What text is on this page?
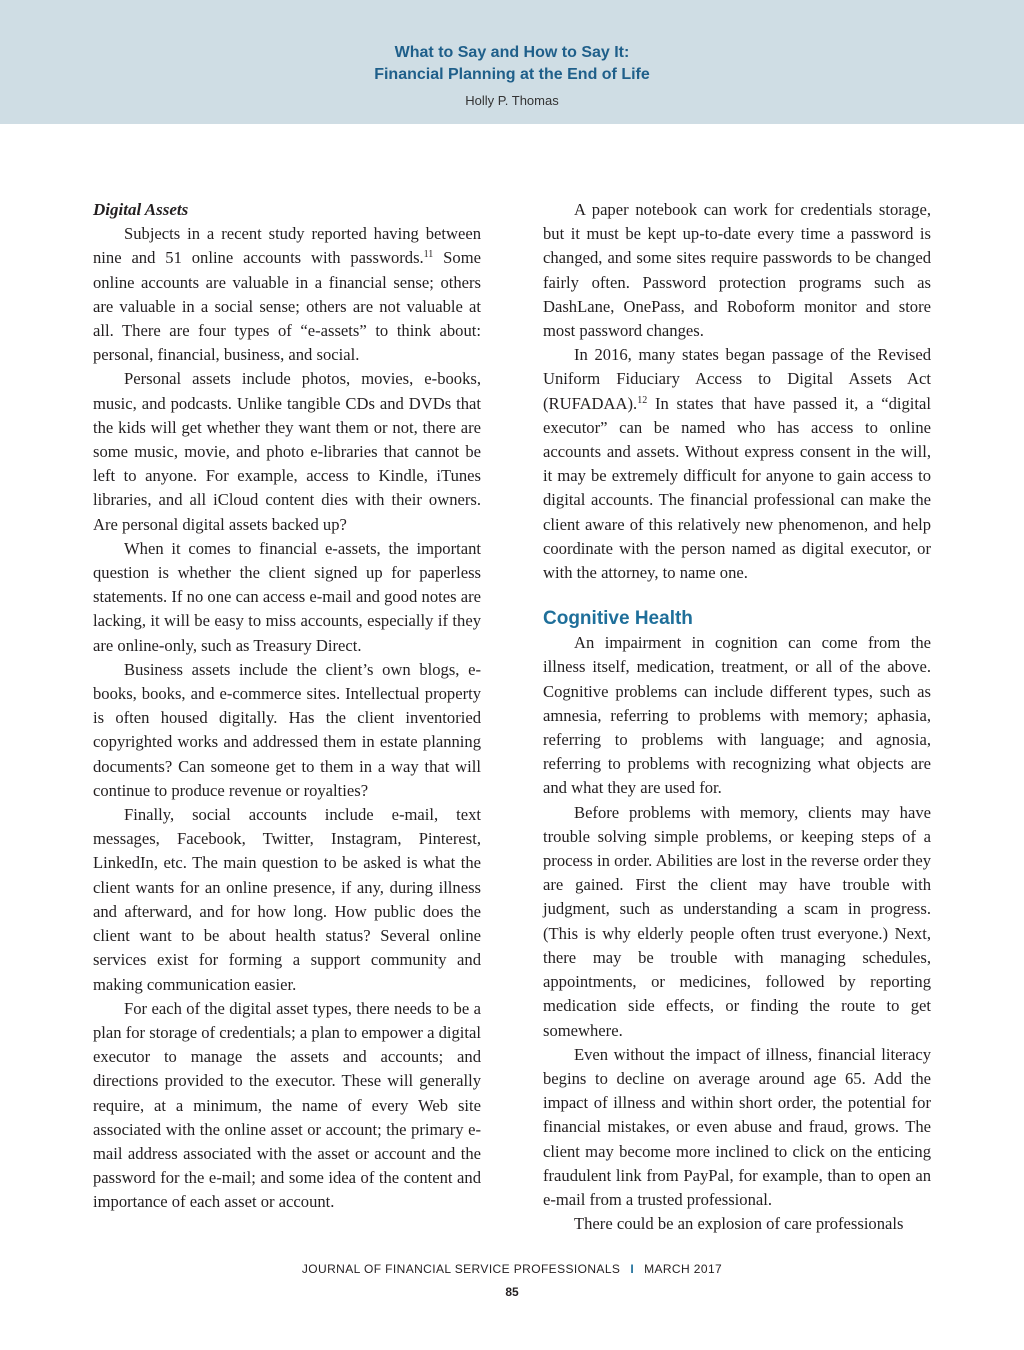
What to Say and How to Say It:
Financial Planning at the End of Life
Holly P. Thomas
Digital Assets

Subjects in a recent study reported having between nine and 51 online accounts with passwords.$^{11}$ Some online accounts are valuable in a financial sense; others are valuable in a social sense; others are not valuable at all. There are four types of “e-assets” to think about: personal, financial, business, and social.

Personal assets include photos, movies, e-books, music, and podcasts. Unlike tangible CDs and DVDs that the kids will get whether they want them or not, there are some music, movie, and photo e-libraries that cannot be left to anyone. For example, access to Kindle, iTunes libraries, and all iCloud content dies with their owners. Are personal digital assets backed up?

When it comes to financial e-assets, the important question is whether the client signed up for paperless statements. If no one can access e-mail and good notes are lacking, it will be easy to miss accounts, especially if they are online-only, such as Treasury Direct.

Business assets include the client’s own blogs, e-books, books, and e-commerce sites. Intellectual property is often housed digitally. Has the client inventoried copyrighted works and addressed them in estate planning documents? Can someone get to them in a way that will continue to produce revenue or royalties?

Finally, social accounts include e-mail, text messages, Facebook, Twitter, Instagram, Pinterest, LinkedIn, etc. The main question to be asked is what the client wants for an online presence, if any, during illness and afterward, and for how long. How public does the client want to be about health status? Several online services exist for forming a support community and making communication easier.

For each of the digital asset types, there needs to be a plan for storage of credentials; a plan to empower a digital executor to manage the assets and accounts; and directions provided to the executor. These will generally require, at a minimum, the name of every Web site associated with the online asset or account; the primary e-mail address associated with the asset or account and the password for the e-mail; and some idea of the content and importance of each asset or account.

A paper notebook can work for credentials storage, but it must be kept up-to-date every time a password is changed, and some sites require passwords to be changed fairly often. Password protection programs such as DashLane, OnePass, and Roboform monitor and store most password changes.

In 2016, many states began passage of the Revised Uniform Fiduciary Access to Digital Assets Act (RUFADAA).$^{12}$ In states that have passed it, a “digital executor” can be named who has access to online accounts and assets. Without express consent in the will, it may be extremely difficult for anyone to gain access to digital accounts. The financial professional can make the client aware of this relatively new phenomenon, and help coordinate with the person named as digital executor, or with the attorney, to name one.

Cognitive Health

An impairment in cognition can come from the illness itself, medication, treatment, or all of the above. Cognitive problems can include different types, such as amnesia, referring to problems with memory; aphasia, referring to problems with language; and agnosia, referring to problems with recognizing what objects are and what they are used for.

Before problems with memory, clients may have trouble solving simple problems, or keeping steps of a process in order. Abilities are lost in the reverse order they are gained. First the client may have trouble with judgment, such as understanding a scam in progress. (This is why elderly people often trust everyone.) Next, there may be trouble with managing schedules, appointments, or medicines, followed by reporting medication side effects, or finding the route to get somewhere.

Even without the impact of illness, financial literacy begins to decline on average around age 65. Add the impact of illness and within short order, the potential for financial mistakes, or even abuse and fraud, grows. The client may become more inclined to click on the enticing fraudulent link from PayPal, for example, than to open an e-mail from a trusted professional.

There could be an explosion of care professionals

JOURNAL OF FINANCIAL SERVICE PROFESSIONALS I MARCH 2017
85
